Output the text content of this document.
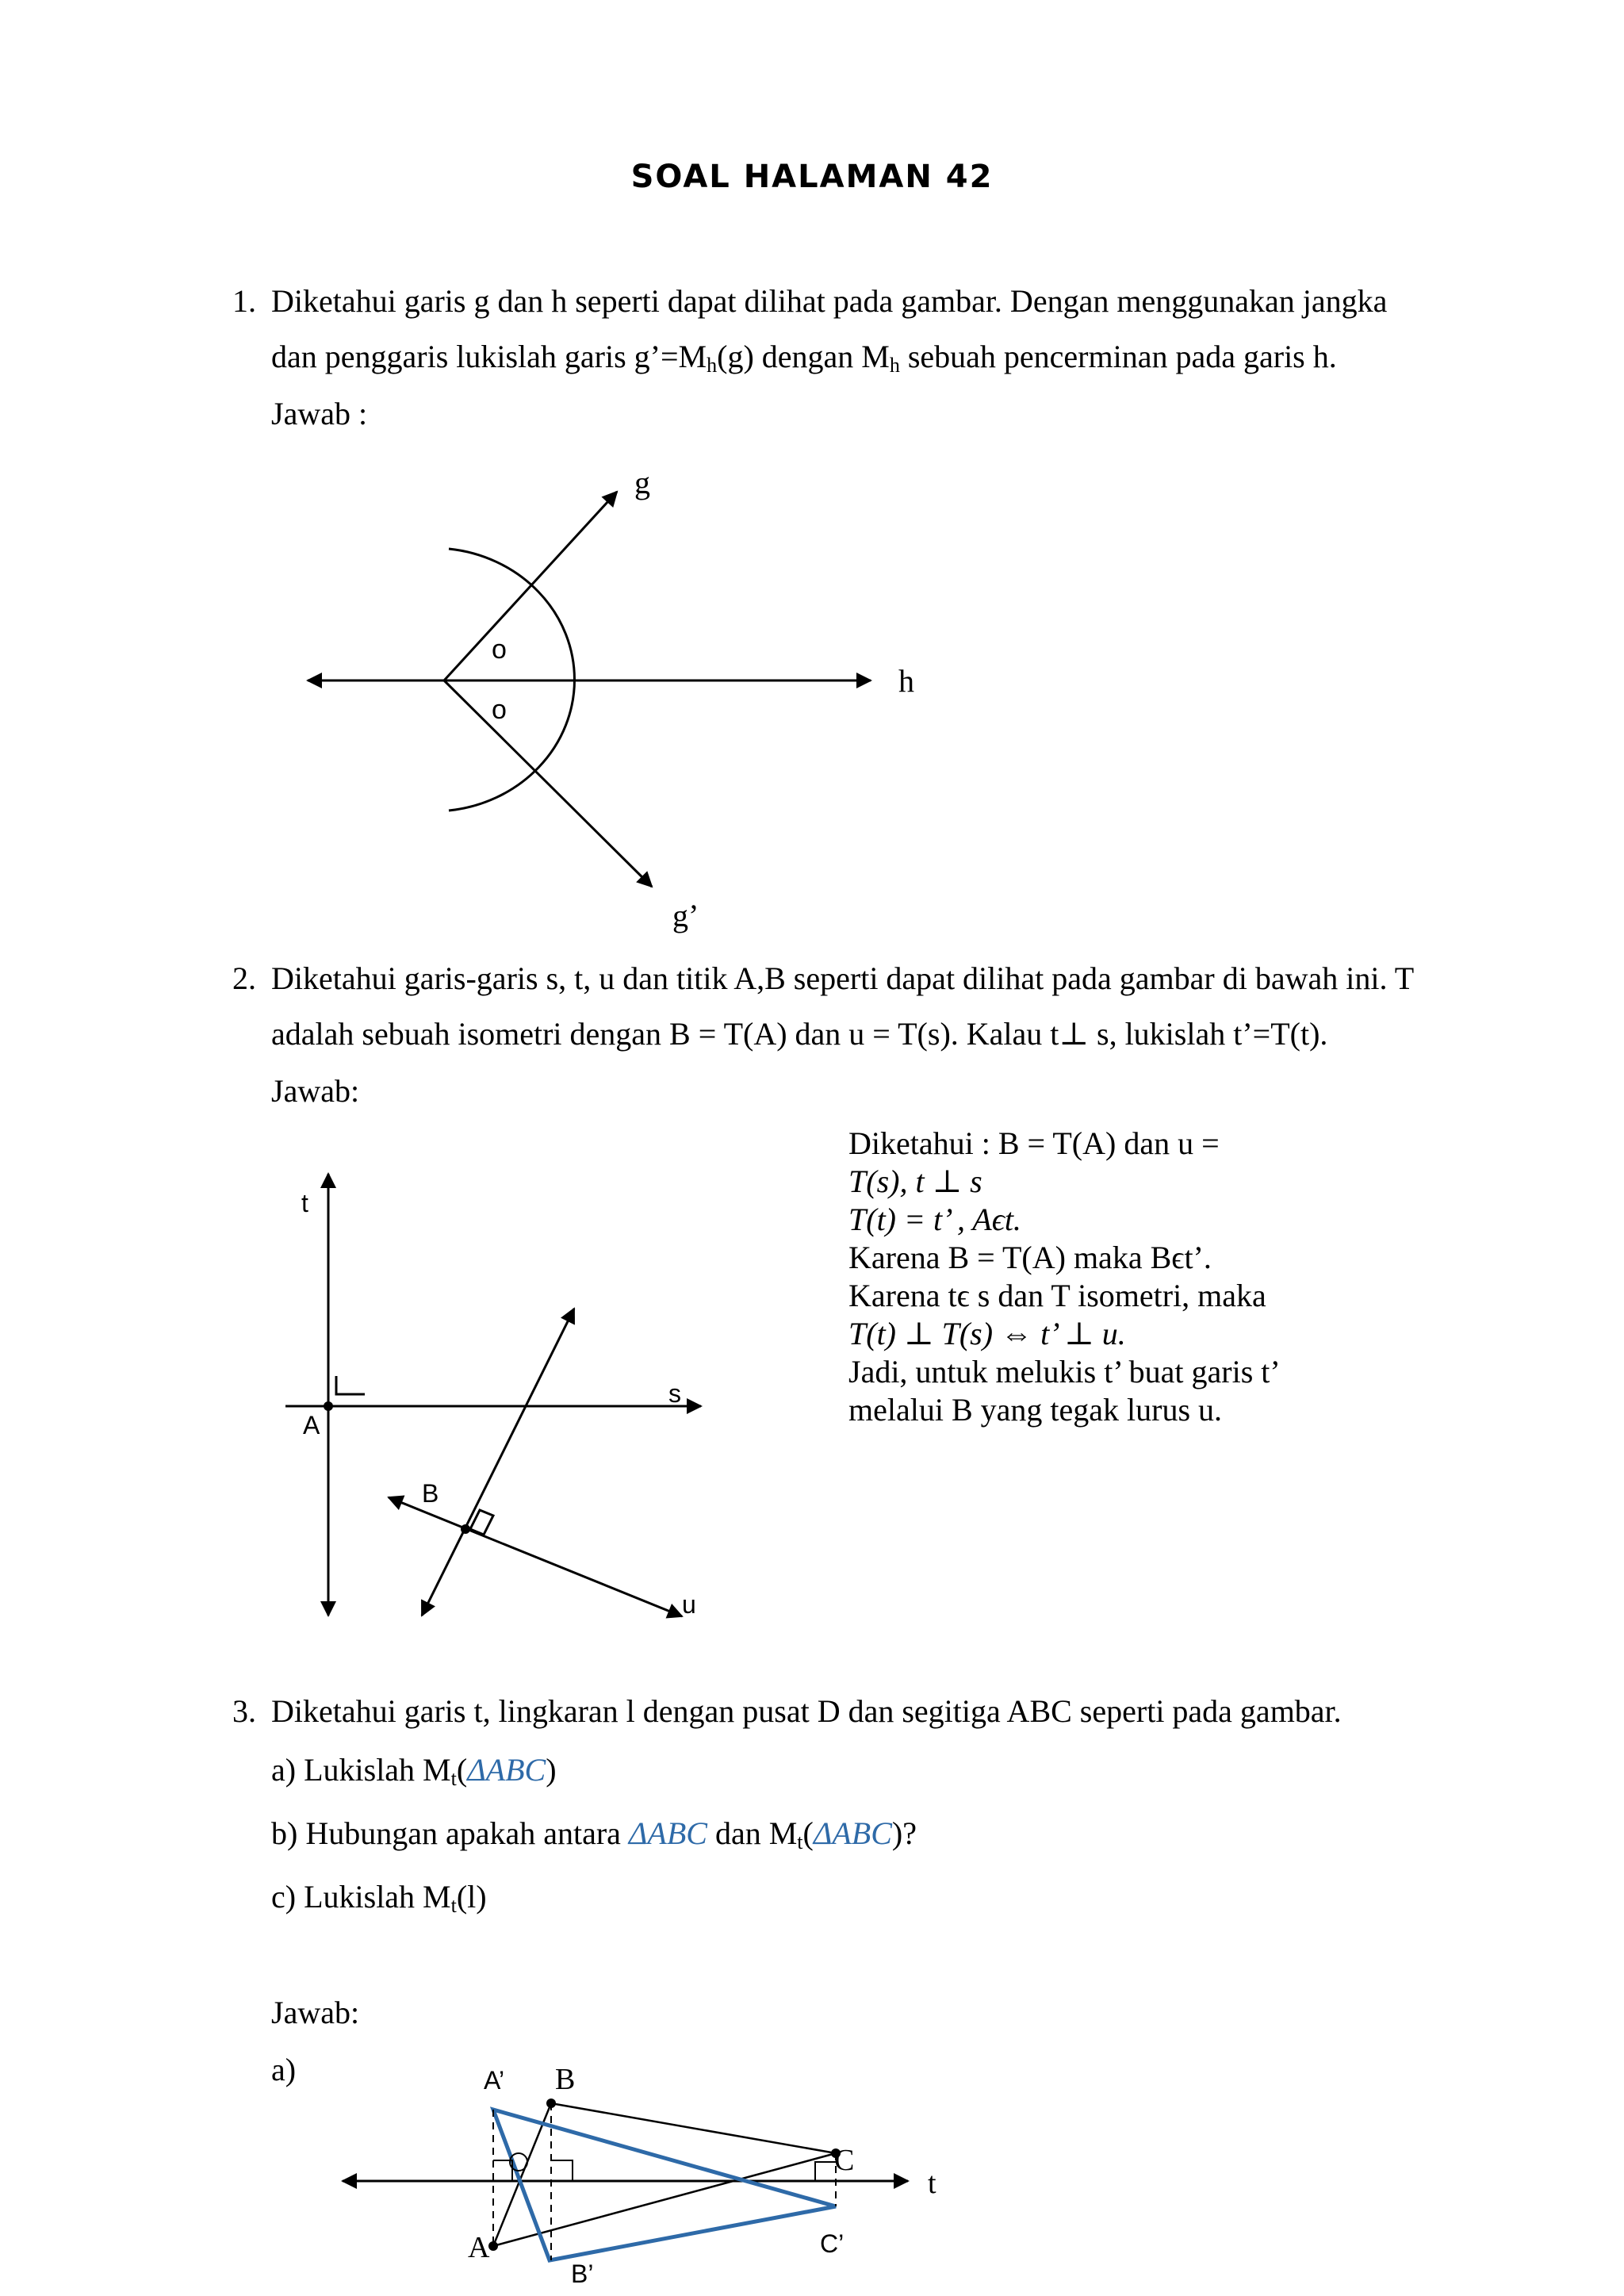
SOAL HALAMAN 42
1. Diketahui garis g dan h seperti dapat dilihat pada gambar. Dengan menggunakan jangka
dan penggaris lukislah garis $g’=M_h(g)$ dengan $M_h$ sebuah pencerminan pada garis h.
Jawab :
g
h
g’
o
o
t
s
u
A
B
A’ B
C
t
A
B’
C’
2. Diketahui garis-garis s, t, u dan titik A,B seperti dapat dilihat pada gambar di bawah ini. T
adalah sebuah isometri dengan B = T(A) dan u = T(s). Kalau t⊥ s, lukislah t’=T(t).
Jawab:
Diketahui : B = T(A) dan u =
T(s), t ⊥ s
T(t) = t’ , Aϵt.
Karena B = T(A) maka Bϵt’.
Karena tϵ s dan T isometri, maka
T(t) ⊥ T(s) ⇔ t’ ⊥ u.
Jadi, untuk melukis t’ buat garis t’
melalui B yang tegak lurus u.
3. Diketahui garis t, lingkaran l dengan pusat D dan segitiga ABC seperti pada gambar.
a) Lukislah $M_t(\Delta ABC)$
b) Hubungan apakah antara ΔABC dan $M_t(\Delta ABC)$?
c) Lukislah $M_t(l)$
Jawab:
a)
